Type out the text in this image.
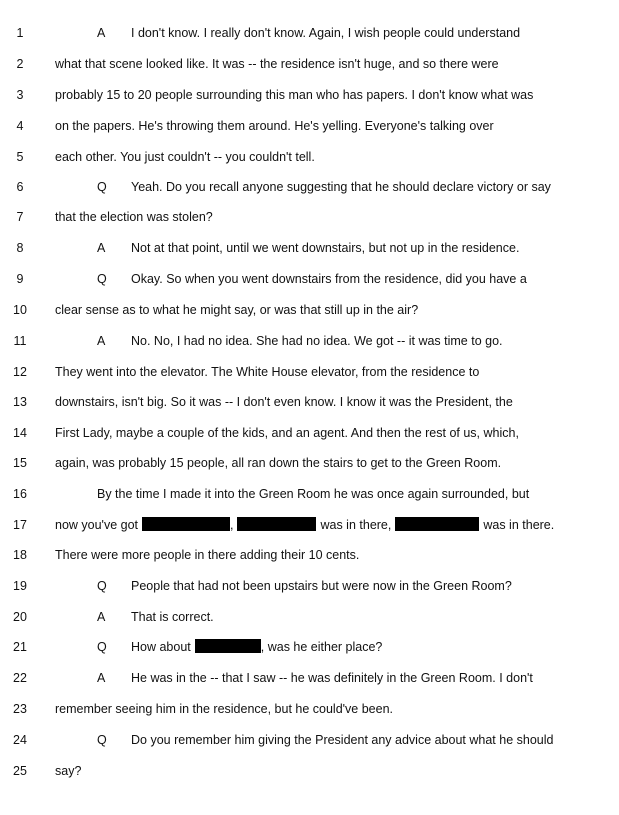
1	A I don't know. I really don't know. Again, I wish people could understand
2	what that scene looked like. It was -- the residence isn't huge, and so there were
3	probably 15 to 20 people surrounding this man who has papers. I don't know what was
4	on the papers. He's throwing them around. He's yelling. Everyone's talking over
5	each other. You just couldn't -- you couldn't tell.
6	Q Yeah. Do you recall anyone suggesting that he should declare victory or say
7	that the election was stolen?
8	A Not at that point, until we went downstairs, but not up in the residence.
9	Q Okay. So when you went downstairs from the residence, did you have a
10	clear sense as to what he might say, or was that still up in the air?
11	A No. No, I had no idea. She had no idea. We got -- it was time to go.
12	They went into the elevator. The White House elevator, from the residence to
13	downstairs, isn't big. So it was -- I don't even know. I know it was the President, the
14	First Lady, maybe a couple of the kids, and an agent. And then the rest of us, which,
15	again, was probably 15 people, all ran down the stairs to get to the Green Room.
16	By the time I made it into the Green Room he was once again surrounded, but
17	now you've got	,	was in there,	was in there.
18	There were more people in there adding their 10 cents.
19	Q People that had not been upstairs but were now in the Green Room?
20	A That is correct.
21	Q How about	, was he either place?
22	A He was in the -- that I saw -- he was definitely in the Green Room. I don't
23	remember seeing him in the residence, but he could've been.
24	Q Do you remember him giving the President any advice about what he should
25	say?
